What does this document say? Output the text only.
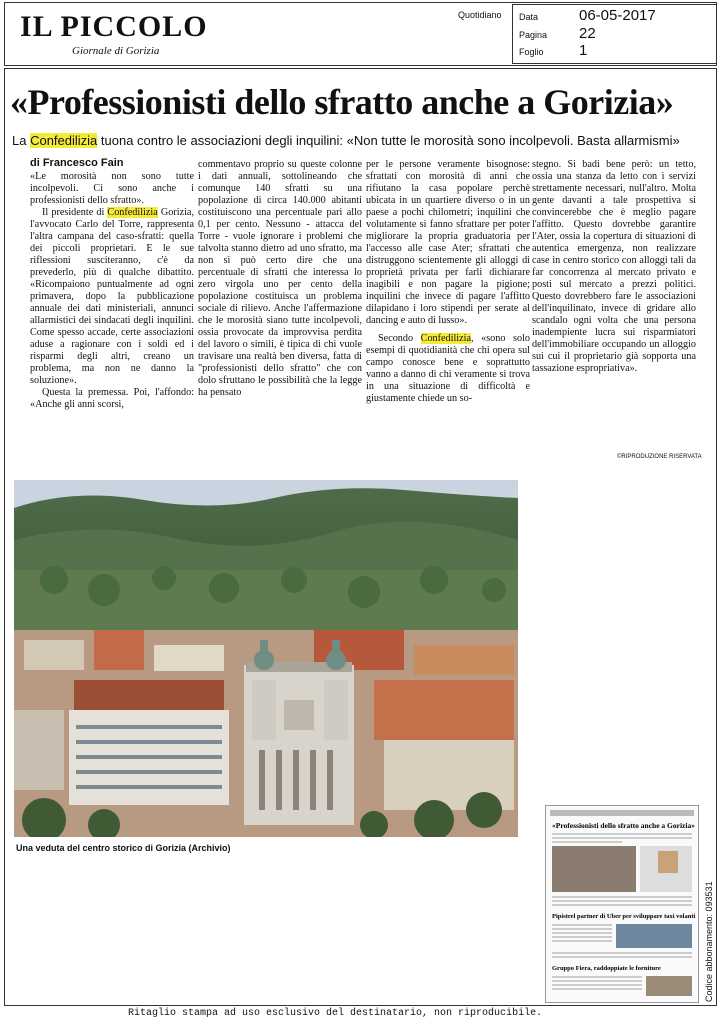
IL PICCOLO
Giornale di Gorizia
Quotidiano Data	06-05-2017
Pagina 22
Foglio 1
«Professionisti dello sfratto anche a Gorizia»
La Confedilizia tuona contro le associazioni degli inquilini: «Non tutte le morosità sono incolpevoli. Basta allarmismi»

di Francesco Fain

«Le morosità non sono tutte incolpevoli. Ci sono anche i professionisti dello sfratto».

Il presidente di Confedilizia Gorizia, l'avvocato Carlo del Torre, rappresenta l'altra campana del caso-sfratti: quella dei piccoli proprietari. E le sue riflessioni susciteranno, c'è da prevederlo, più di qualche dibattito. «Ricompaiono puntualmente ad ogni primavera, dopo la pubblicazione annuale dei dati ministeriali, annunci allarmistici dei sindacati degli inquilini. Come spesso accade, certe associazioni aduse a ragionare con i soldi ed i risparmi degli altri, creano un problema, ma non ne danno la soluzione».

Questa la premessa. Poi, l'affondo: «Anche gli anni scorsi,

commentavo proprio su queste colonne i dati annuali, sottolineando che comunque 140 sfratti su una popolazione di circa 140.000 abitanti costituiscono una percentuale pari allo 0,1 per cento. Nessuno - attacca del Torre - vuole ignorare i problemi che talvolta stanno dietro ad uno sfratto, ma non si può certo dire che una percentuale di sfratti che interessa lo zero virgola uno per cento della popolazione costituisca un problema sociale di rilievo. Anche l'affermazione che le morosità siano tutte incolpevoli, ossia provocate da improvvisa perdita del lavoro o simili, è tipica di chi vuole travisare una realtà ben diversa, fatta di "professionisti dello sfratto" che con dolo sfruttano le possibilità che la legge ha pensato

per le persone veramente bisognose: sfrattati con morosità di anni che rifiutano la casa popolare perchè ubicata in un quartiere diverso o in un paese a pochi chilometri; inquilini che volutamente si fanno sfrattare per poter migliorare la propria graduatoria per l'accesso alle case Ater; sfrattati che distruggono scientemente gli alloggi di proprietà privata per farli dichiarare inagibili e non pagare la pigione; inquilini che invece di pagare l'affitto dilapidano i loro stipendi per serate al dancing e auto di lusso».

Secondo Confedilizia, «sono solo esempi di quotidianità che chi opera sul campo conosce bene e soprattutto vanno a danno di chi veramente si trova in una situazione di difficoltà e giustamente chiede un so-

stegno. Si badi bene però: un tetto, ossia una stanza da letto con i servizi strettamente necessari, null'altro. Molta gente davanti a tale prospettiva si convincerebbe che è meglio pagare l'affitto. Questo dovrebbe garantire l'Ater, ossia la copertura di situazioni di autentica emergenza, non realizzare case in centro storico con alloggi tali da far concorrenza al mercato privato e posti sul mercato a prezzi politici. Questo dovrebbero fare le associazioni dell'inquilinato, invece di gridare allo scandalo ogni volta che una persona inadempiente lucra sui risparmiatori dell'immobiliare occupando un alloggio sui cui il proprietario già sopporta una tassazione espropriativa».

©RIPRODUZIONE RISERVATA
Una veduta del centro storico di Gorizia (Archivio)
«Professionisti dello sfratto anche a Gorizia»
Pipistrel partner di Uber per sviluppare taxi volanti
Gruppo Fiera, raddoppiate le forniture	Codice abbonamento: 093531
Ritaglio stampa ad uso esclusivo del destinatario, non riproducibile.
